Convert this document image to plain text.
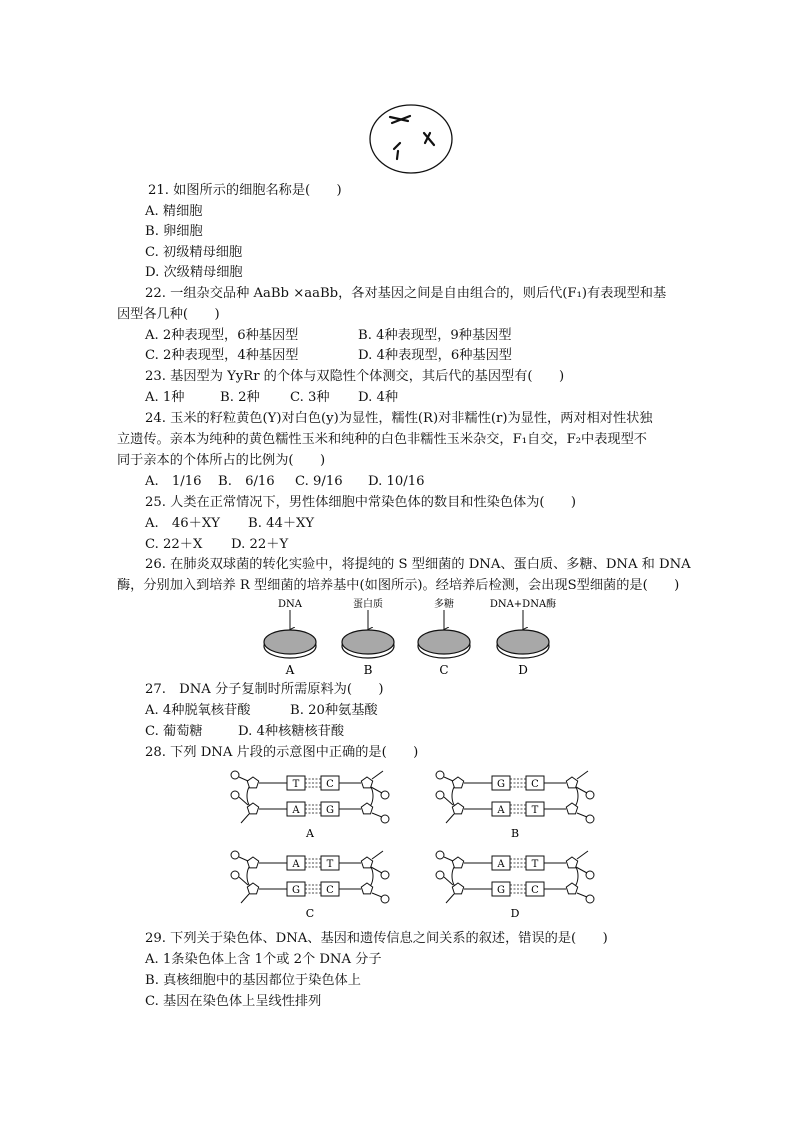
21. 如图所示的细胞名称是(　　)
A. 精细胞
B. 卵细胞
C. 初级精母细胞
D. 次级精母细胞
22. 一组杂交品种 AaBb ×aaBb，各对基因之间是自由组合的，则后代(F₁)有表现型和基
因型各几种(　　)
A. 2种表现型，6种基因型	B. 4种表现型，9种基因型
C. 2种表现型，4种基因型	D. 4种表现型，6种基因型
23. 基因型为 YyRr 的个体与双隐性个体测交，其后代的基因型有(　　)
A. 1种	B. 2种 C. 3种 D. 4种
24. 玉米的籽粒黄色(Y)对白色(y)为显性，糯性(R)对非糯性(r)为显性，两对相对性状独
立遗传。亲本为纯种的黄色糯性玉米和纯种的白色非糯性玉米杂交，F₁自交，F₂中表现型不
同于亲本的个体所占的比例为(　　)
A.　1/16 B.　6/16 C. 9/16 D. 10/16
25. 人类在正常情况下，男性体细胞中常染色体的数目和性染色体为(　　)
A.　46＋XY B. 44＋XY
C. 22＋X D. 22＋Y
26. 在肺炎双球菌的转化实验中，将提纯的 S 型细菌的 DNA、蛋白质、多糖、DNA 和 DNA
酶，分别加入到培养 R 型细菌的培养基中(如图所示)。经培养后检测，会出现S型细菌的是(　　)
DNA
A
蛋白质
B
多糖
C
DNA+DNA酶
D
27.　DNA 分子复制时所需原料为(　　)
A. 4种脱氧核苷酸	B. 20种氨基酸
C. 葡萄糖	D. 4种核糖核苷酸
28. 下列 DNA 片段的示意图中正确的是(　　)
T	C
A	G
A
G	C
A	T
B
A	T
G	C
C
A	T
G	C
D
29. 下列关于染色体、DNA、基因和遗传信息之间关系的叙述，错误的是(　　)
A. 1条染色体上含 1个或 2个 DNA 分子
B. 真核细胞中的基因都位于染色体上
C. 基因在染色体上呈线性排列
